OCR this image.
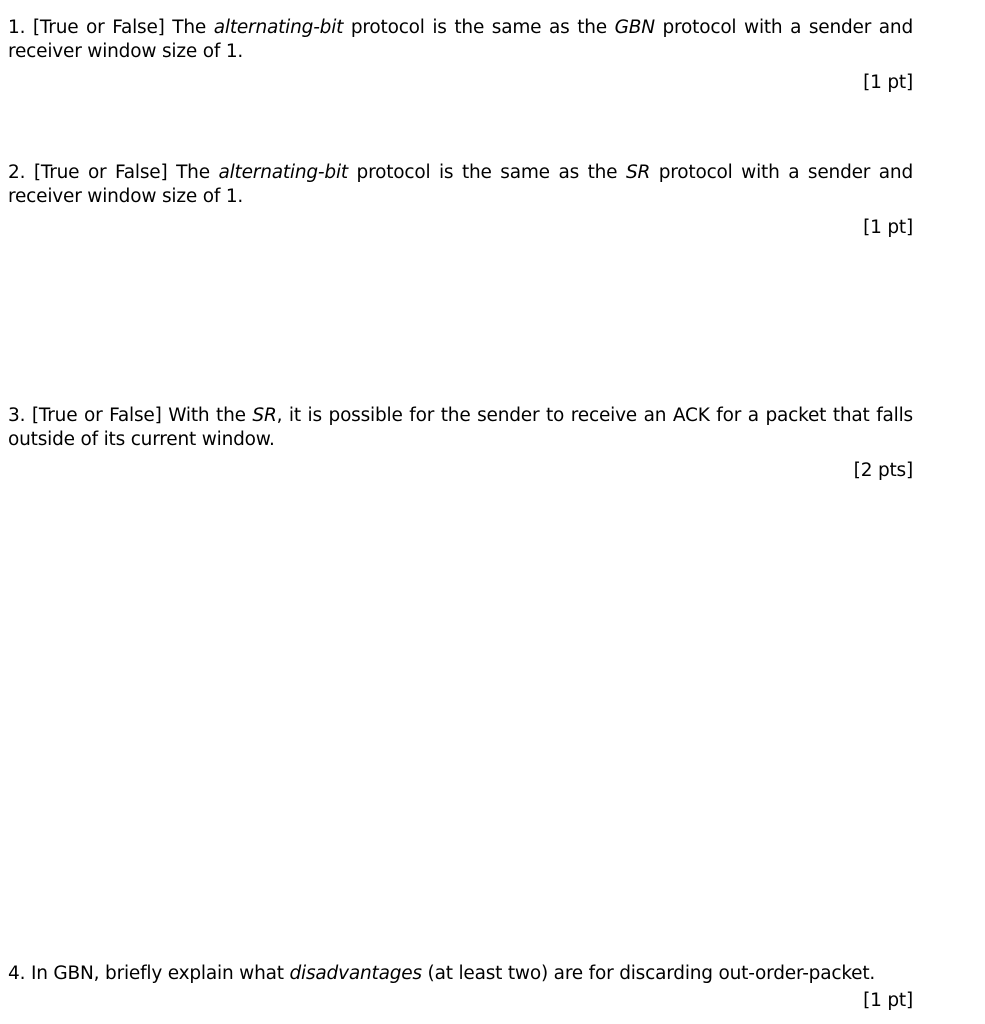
1. [True or False] The alternating-bit protocol is the same as the GBN protocol with a sender and receiver window size of 1.

[1 pt]

2. [True or False] The alternating-bit protocol is the same as the SR protocol with a sender and receiver window size of 1.

[1 pt]

3. [True or False] With the SR, it is possible for the sender to receive an ACK for a packet that falls outside of its current window.

[2 pts]

4. In GBN, briefly explain what disadvantages (at least two) are for discarding out-order-packet.

[1 pt]
